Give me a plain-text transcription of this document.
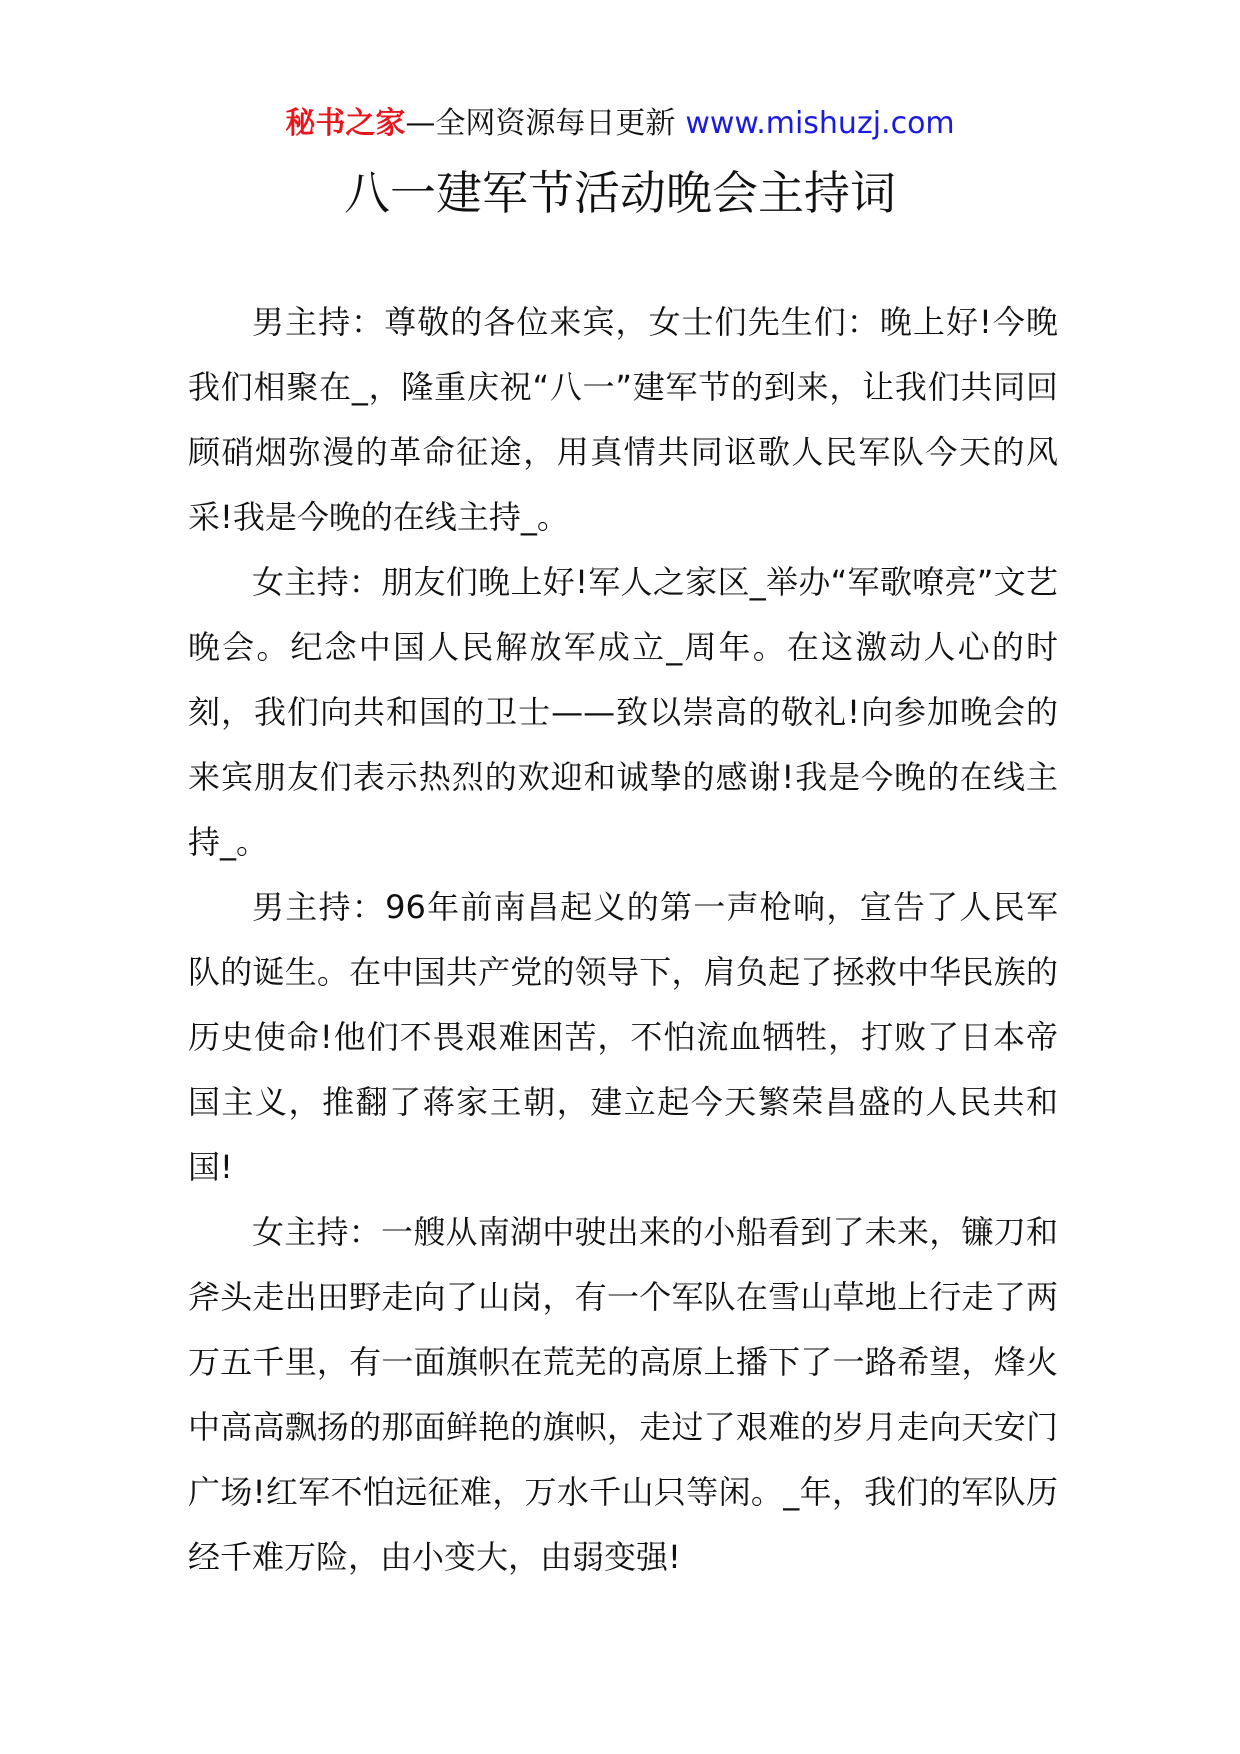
秘书之家—全网资源每日更新 www.mishuzj.com
八一建军节活动晚会主持词

男主持：尊敬的各位来宾，女士们先生们：晚上好!今晚我们相聚在_，隆重庆祝“八一”建军节的到来，让我们共同回顾硝烟弥漫的革命征途，用真情共同讴歌人民军队今天的风采!我是今晚的在线主持_。

女主持：朋友们晚上好!军人之家区_举办“军歌嘹亮”文艺晚会。纪念中国人民解放军成立_周年。在这激动人心的时刻，我们向共和国的卫士——致以崇高的敬礼!向参加晚会的来宾朋友们表示热烈的欢迎和诚挚的感谢!我是今晚的在线主持_。

男主持：96年前南昌起义的第一声枪响，宣告了人民军队的诞生。在中国共产党的领导下，肩负起了拯救中华民族的历史使命!他们不畏艰难困苦，不怕流血牺牲，打败了日本帝国主义，推翻了蒋家王朝，建立起今天繁荣昌盛的人民共和国!

女主持：一艘从南湖中驶出来的小船看到了未来，镰刀和斧头走出田野走向了山岗，有一个军队在雪山草地上行走了两万五千里，有一面旗帜在荒芜的高原上播下了一路希望，烽火中高高飘扬的那面鲜艳的旗帜，走过了艰难的岁月走向天安门广场!红军不怕远征难，万水千山只等闲。_年，我们的军队历经千难万险，由小变大，由弱变强!
